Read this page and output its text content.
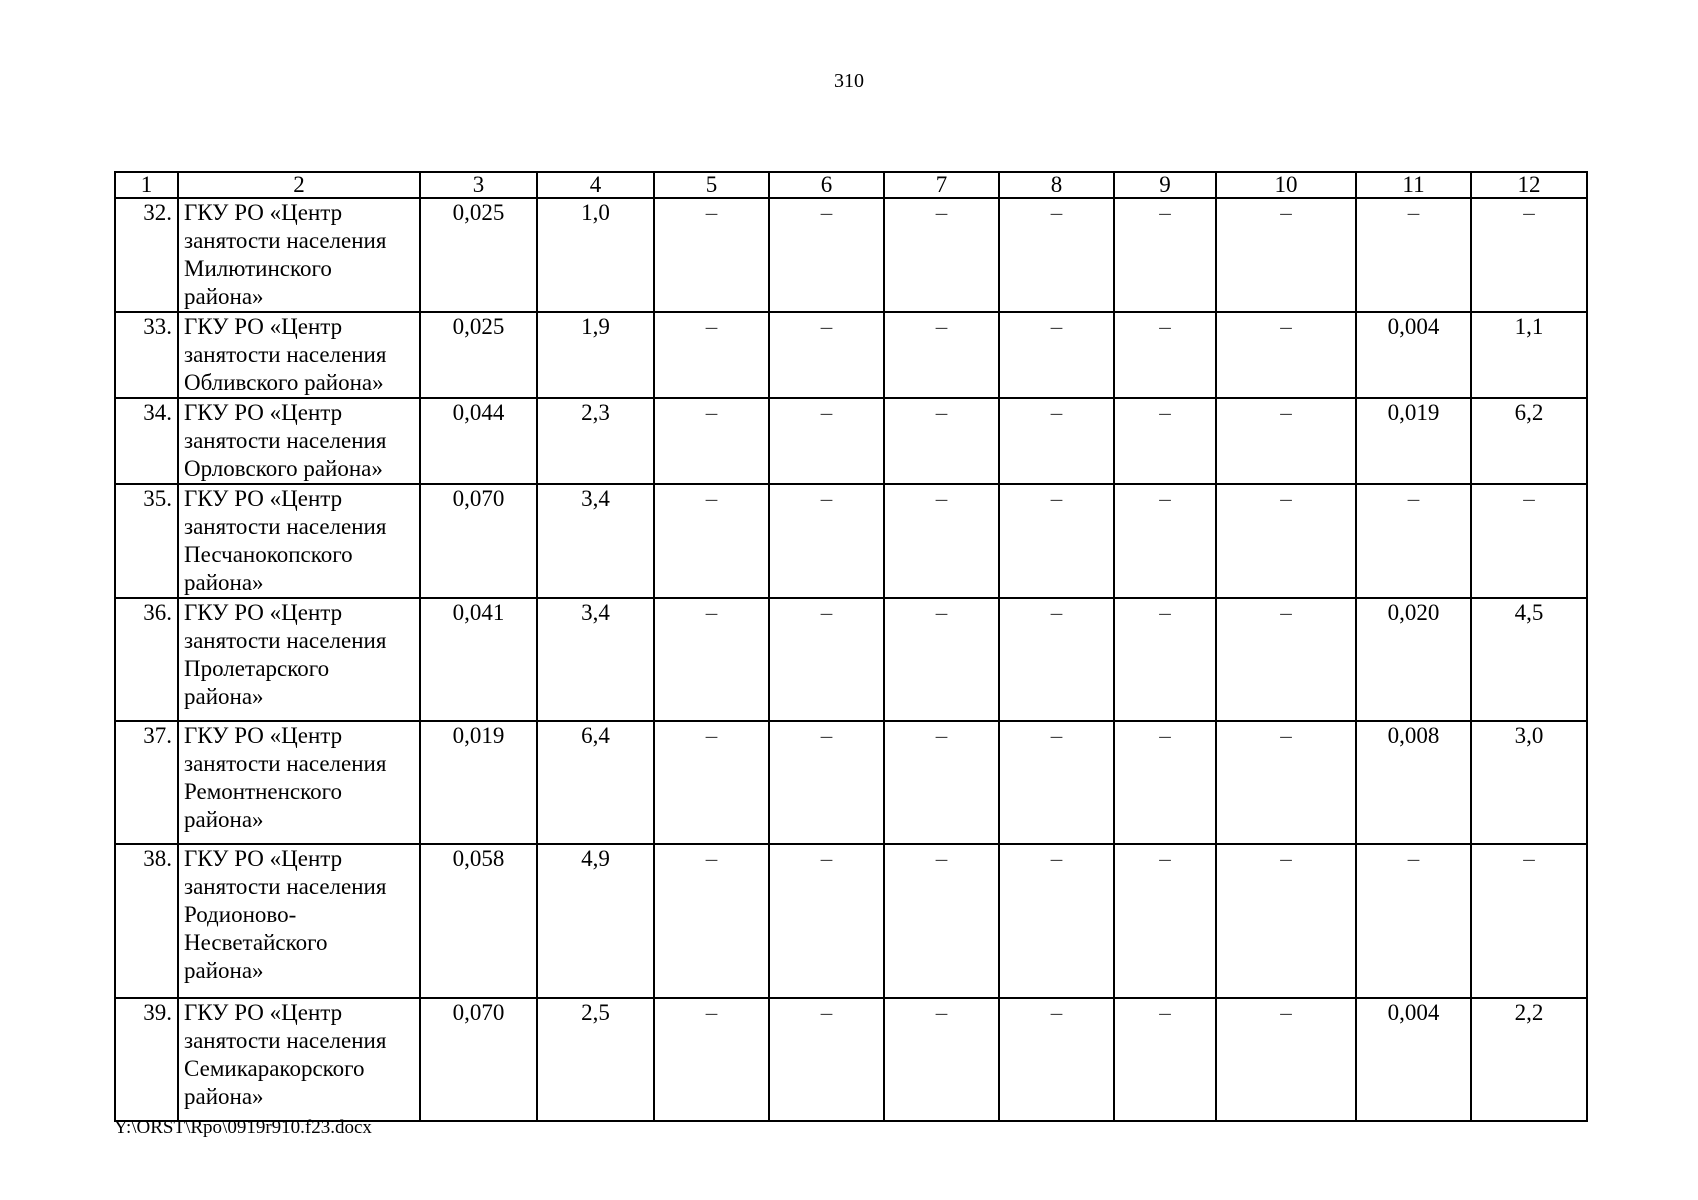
310
1	2	3	4	5	6	7	8	9	10	11	12
32.	ГКУ РО «Центр
занятости населения
Милютинского
района»	0,025	1,0	–	–	–	–	–	–	–	–
33.	ГКУ РО «Центр
занятости населения
Обливского района»	0,025	1,9	–	–	–	–	–	–	0,004	1,1
34.	ГКУ РО «Центр
занятости населения
Орловского района»	0,044	2,3	–	–	–	–	–	–	0,019	6,2
35.	ГКУ РО «Центр
занятости населения
Песчанокопского
района»	0,070	3,4	–	–	–	–	–	–	–	–
36.	ГКУ РО «Центр
занятости населения
Пролетарского
района»	0,041	3,4	–	–	–	–	–	–	0,020	4,5
37.	ГКУ РО «Центр
занятости населения
Ремонтненского
района»	0,019	6,4	–	–	–	–	–	–	0,008	3,0
38.	ГКУ РО «Центр
занятости населения
Родионово-
Несветайского
района»	0,058	4,9	–	–	–	–	–	–	–	–
39.	ГКУ РО «Центр
занятости населения
Семикаракорского
района»	0,070	2,5	–	–	–	–	–	–	0,004	2,2
Y:\ORST\Rpo\0919r910.f23.docx
